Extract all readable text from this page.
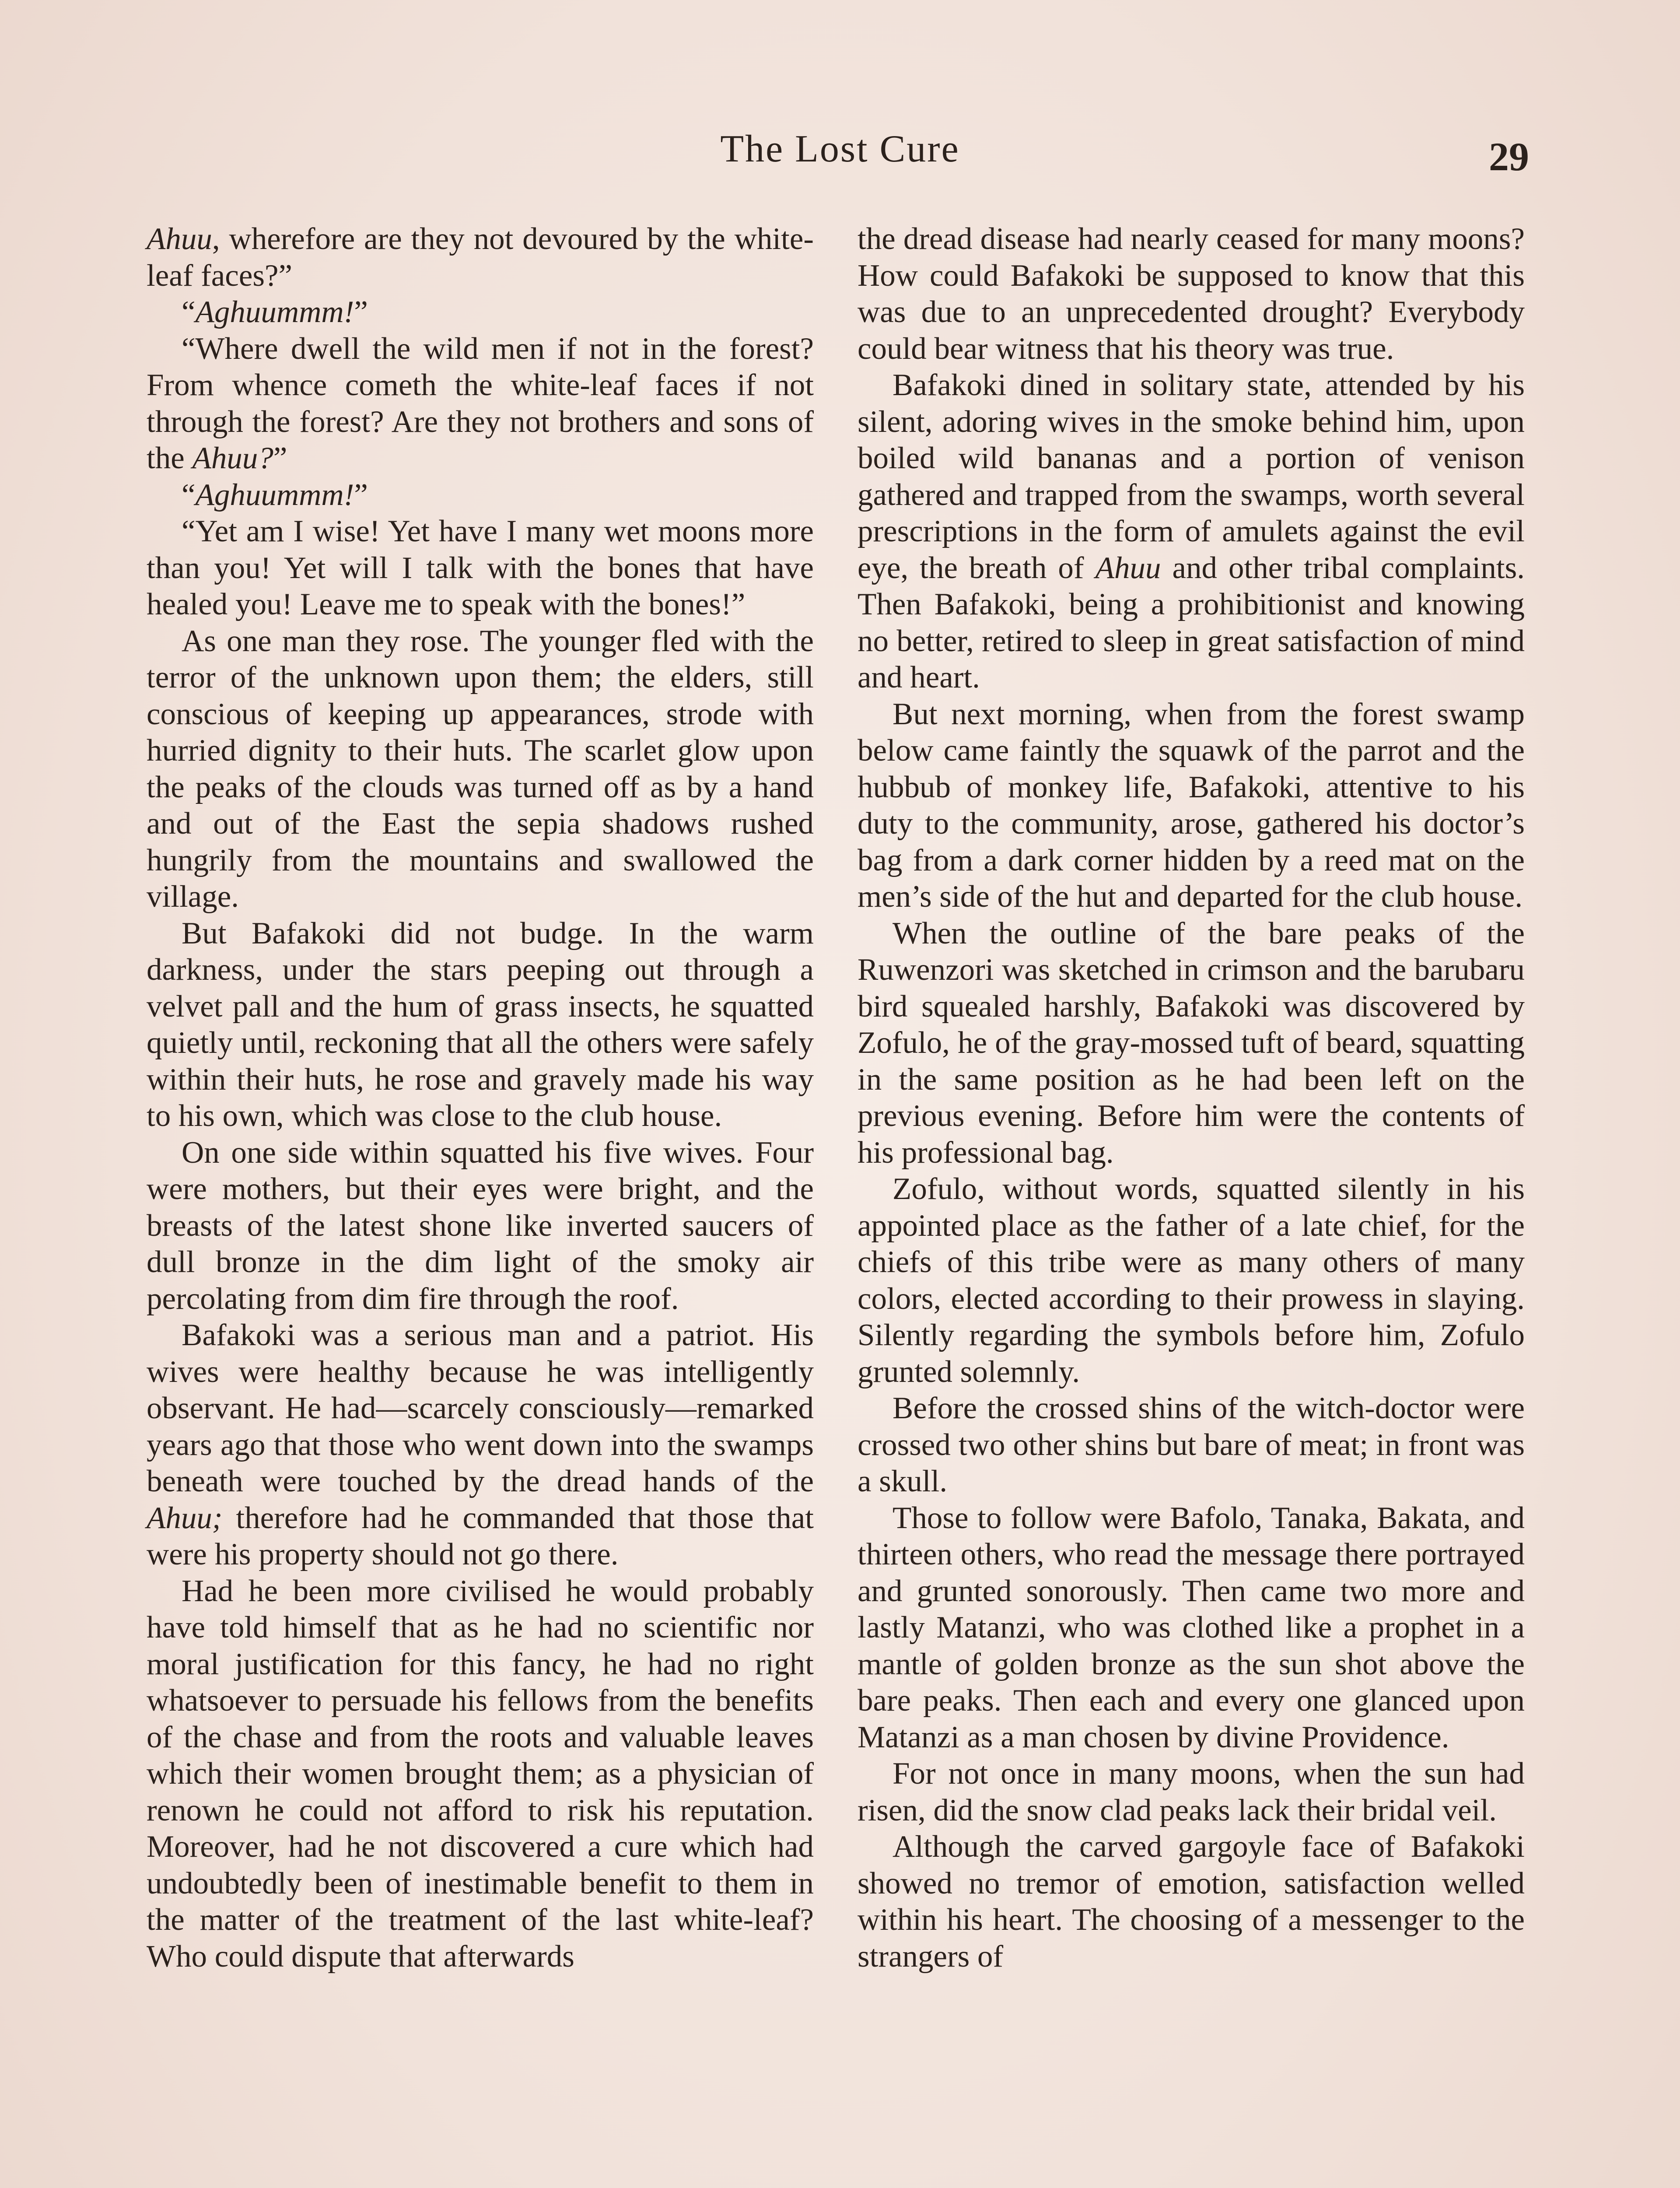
The Lost Cure	29

Ahuu, wherefore are they not devoured by the white-leaf faces?”

“Aghuummm!”

“Where dwell the wild men if not in the forest? From whence cometh the white-leaf faces if not through the forest? Are they not brothers and sons of the Ahuu?”

“Aghuummm!”

“Yet am I wise! Yet have I many wet moons more than you! Yet will I talk with the bones that have healed you! Leave me to speak with the bones!”

As one man they rose. The younger fled with the terror of the unknown upon them; the elders, still conscious of keeping up appearances, strode with hurried dignity to their huts. The scarlet glow upon the peaks of the clouds was turned off as by a hand and out of the East the sepia shadows rushed hungrily from the mountains and swallowed the village.

But Bafakoki did not budge. In the warm darkness, under the stars peeping out through a velvet pall and the hum of grass insects, he squatted quietly until, reckoning that all the others were safely within their huts, he rose and gravely made his way to his own, which was close to the club house.

On one side within squatted his five wives. Four were mothers, but their eyes were bright, and the breasts of the latest shone like inverted saucers of dull bronze in the dim light of the smoky air percolating from dim fire through the roof.

Bafakoki was a serious man and a patriot. His wives were healthy because he was intelligently observant. He had—scarcely consciously—remarked years ago that those who went down into the swamps beneath were touched by the dread hands of the Ahuu; therefore had he commanded that those that were his property should not go there.

Had he been more civilised he would probably have told himself that as he had no scientific nor moral justification for this fancy, he had no right whatsoever to persuade his fellows from the benefits of the chase and from the roots and valuable leaves which their women brought them; as a physician of renown he could not afford to risk his reputation. Moreover, had he not discovered a cure which had undoubtedly been of inestimable benefit to them in the matter of the treatment of the last white-leaf? Who could dispute that afterwards

the dread disease had nearly ceased for many moons? How could Bafakoki be supposed to know that this was due to an unprecedented drought? Everybody could bear witness that his theory was true.

Bafakoki dined in solitary state, attended by his silent, adoring wives in the smoke behind him, upon boiled wild bananas and a portion of venison gathered and trapped from the swamps, worth several prescriptions in the form of amulets against the evil eye, the breath of Ahuu and other tribal complaints. Then Bafakoki, being a prohibitionist and knowing no better, retired to sleep in great satisfaction of mind and heart.

But next morning, when from the forest swamp below came faintly the squawk of the parrot and the hubbub of monkey life, Bafakoki, attentive to his duty to the community, arose, gathered his doctor’s bag from a dark corner hidden by a reed mat on the men’s side of the hut and departed for the club house.

When the outline of the bare peaks of the Ruwenzori was sketched in crimson and the barubaru bird squealed harshly, Bafakoki was discovered by Zofulo, he of the gray-mossed tuft of beard, squatting in the same position as he had been left on the previous evening. Before him were the contents of his professional bag.

Zofulo, without words, squatted silently in his appointed place as the father of a late chief, for the chiefs of this tribe were as many others of many colors, elected according to their prowess in slaying. Silently regarding the symbols before him, Zofulo grunted solemnly.

Before the crossed shins of the witch-doctor were crossed two other shins but bare of meat; in front was a skull.

Those to follow were Bafolo, Tanaka, Bakata, and thirteen others, who read the message there portrayed and grunted sonorously. Then came two more and lastly Matanzi, who was clothed like a prophet in a mantle of golden bronze as the sun shot above the bare peaks. Then each and every one glanced upon Matanzi as a man chosen by divine Providence.

For not once in many moons, when the sun had risen, did the snow clad peaks lack their bridal veil.

Although the carved gargoyle face of Bafakoki showed no tremor of emotion, satisfaction welled within his heart. The choosing of a messenger to the strangers of
